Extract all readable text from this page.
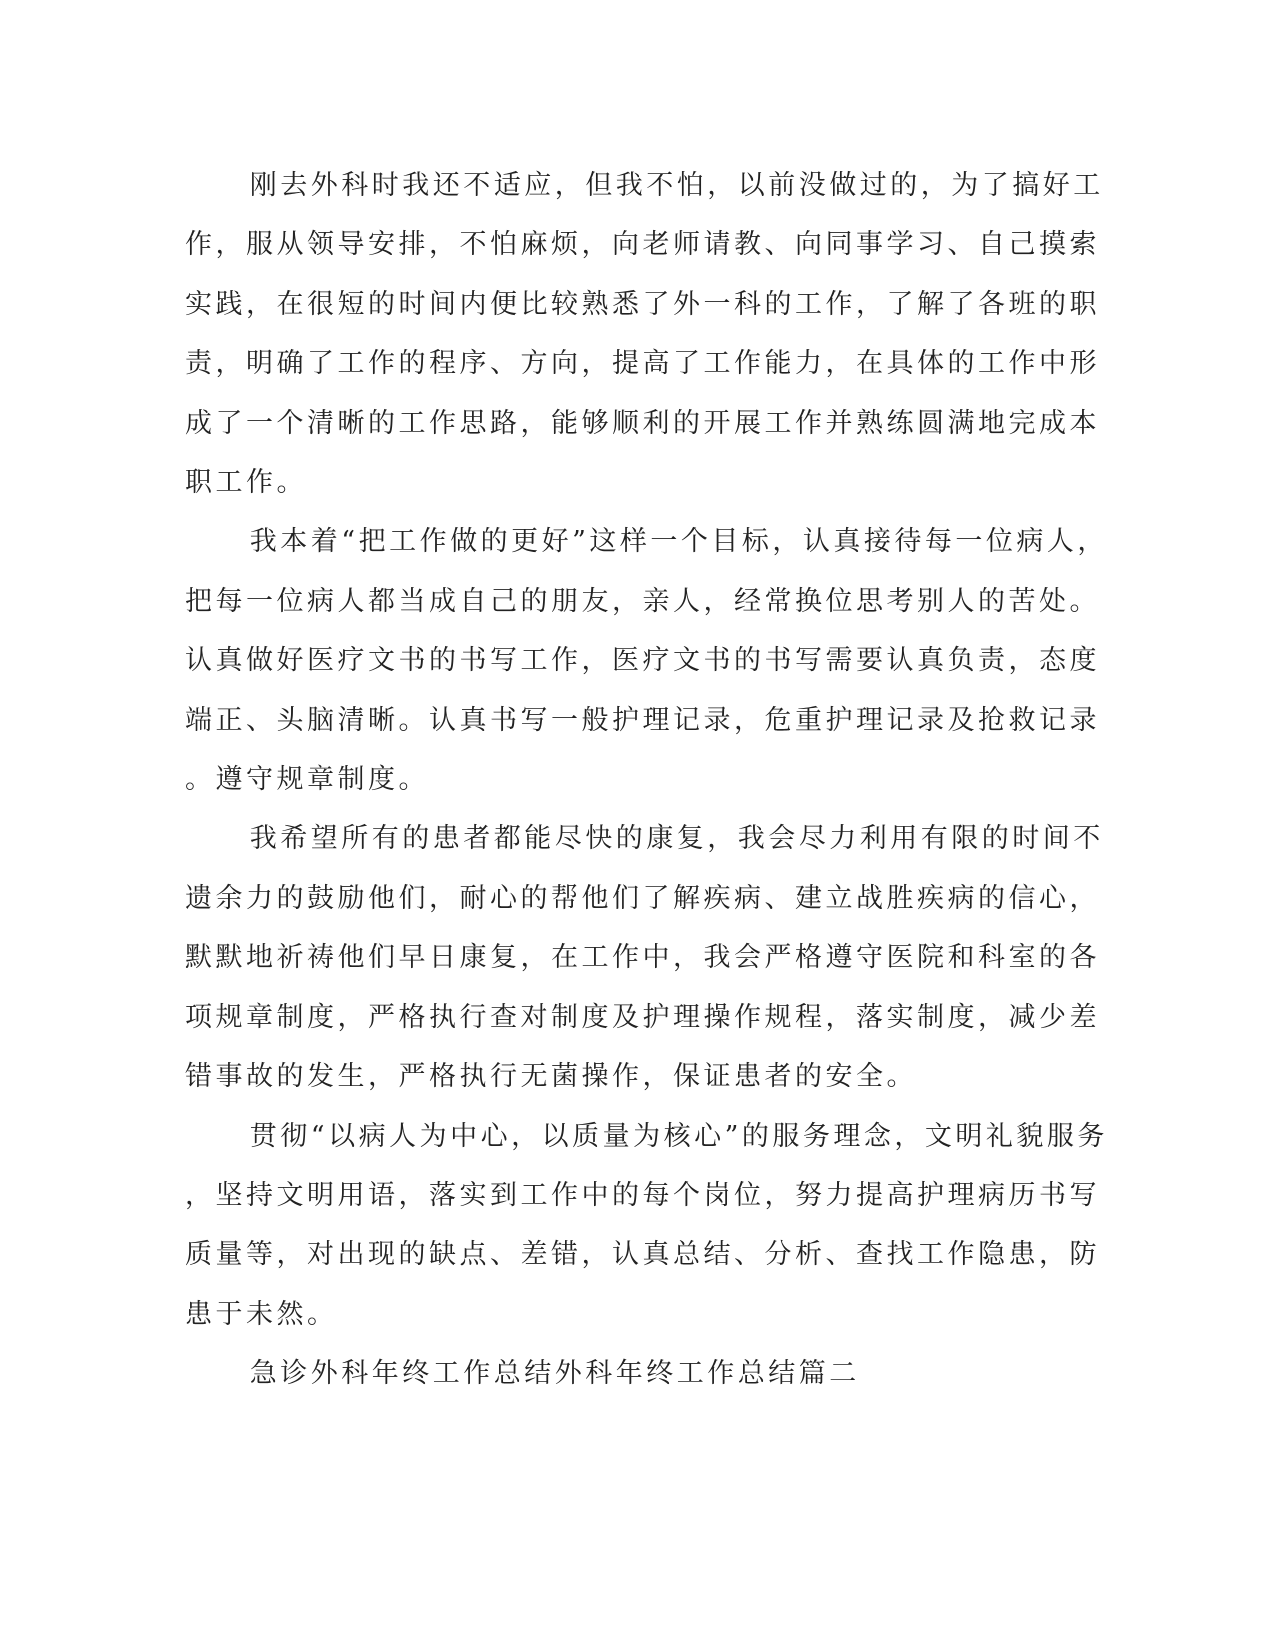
刚去外科时我还不适应，但我不怕，以前没做过的，为了搞好工
作，服从领导安排，不怕麻烦，向老师请教、向同事学习、自己摸索
实践，在很短的时间内便比较熟悉了外一科的工作，了解了各班的职
责，明确了工作的程序、方向，提高了工作能力，在具体的工作中形
成了一个清晰的工作思路，能够顺利的开展工作并熟练圆满地完成本
职工作。

我本着“把工作做的更好”这样一个目标，认真接待每一位病人，
把每一位病人都当成自己的朋友，亲人，经常换位思考别人的苦处。
认真做好医疗文书的书写工作，医疗文书的书写需要认真负责，态度
端正、头脑清晰。认真书写一般护理记录，危重护理记录及抢救记录
。遵守规章制度。

我希望所有的患者都能尽快的康复，我会尽力利用有限的时间不
遗余力的鼓励他们，耐心的帮他们了解疾病、建立战胜疾病的信心，
默默地祈祷他们早日康复，在工作中，我会严格遵守医院和科室的各
项规章制度，严格执行查对制度及护理操作规程，落实制度，减少差
错事故的发生，严格执行无菌操作，保证患者的安全。

贯彻“以病人为中心，以质量为核心”的服务理念，文明礼貌服务
，坚持文明用语，落实到工作中的每个岗位，努力提高护理病历书写
质量等，对出现的缺点、差错，认真总结、分析、查找工作隐患，防
患于未然。

急诊外科年终工作总结外科年终工作总结篇二
